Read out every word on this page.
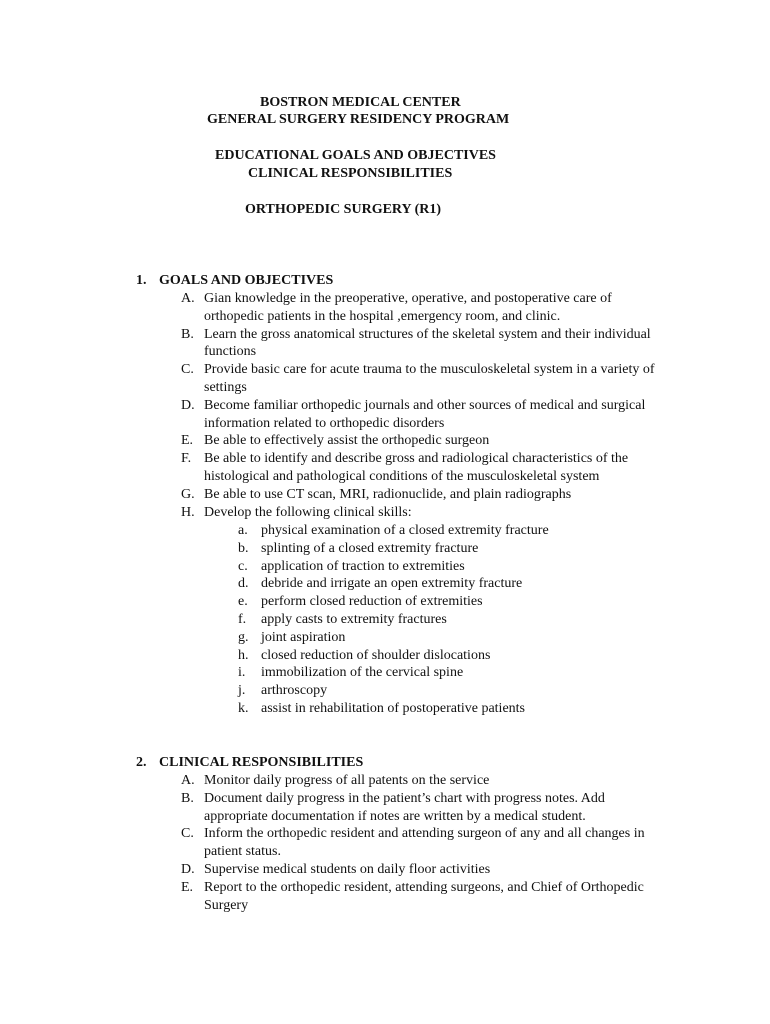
BOSTRON MEDICAL CENTER
GENERAL SURGERY RESIDENCY PROGRAM
EDUCATIONAL GOALS AND OBJECTIVES
CLINICAL RESPONSIBILITIES
ORTHOPEDIC SURGERY (R1)
1. GOALS AND OBJECTIVES
A. Gian knowledge in the preoperative, operative, and postoperative care of orthopedic patients in the hospital ,emergency room, and clinic.
B. Learn the gross anatomical structures of the skeletal system and their individual functions
C. Provide basic care for acute trauma to the musculoskeletal system in a variety of settings
D. Become familiar orthopedic journals and other sources of medical and surgical information related to orthopedic disorders
E. Be able to effectively assist the orthopedic surgeon
F. Be able to identify and describe gross and radiological characteristics of the histological and pathological conditions of the musculoskeletal system
G. Be able to use CT scan, MRI, radionuclide, and plain radiographs
H. Develop the following clinical skills:
a. physical examination of a closed extremity fracture
b. splinting of a closed extremity fracture
c. application of traction to extremities
d. debride and irrigate an open extremity fracture
e. perform closed reduction of extremities
f. apply casts to extremity fractures
g. joint aspiration
h. closed reduction of shoulder dislocations
i. immobilization of the cervical spine
j. arthroscopy
k. assist in rehabilitation of postoperative patients
2. CLINICAL RESPONSIBILITIES
A. Monitor daily progress of all patents on the service
B. Document daily progress in the patient’s chart with progress notes. Add appropriate documentation if notes are written by a medical student.
C. Inform the orthopedic resident and attending surgeon of any and all changes in patient status.
D. Supervise medical students on daily floor activities
E. Report to the orthopedic resident, attending surgeons, and Chief of Orthopedic Surgery
